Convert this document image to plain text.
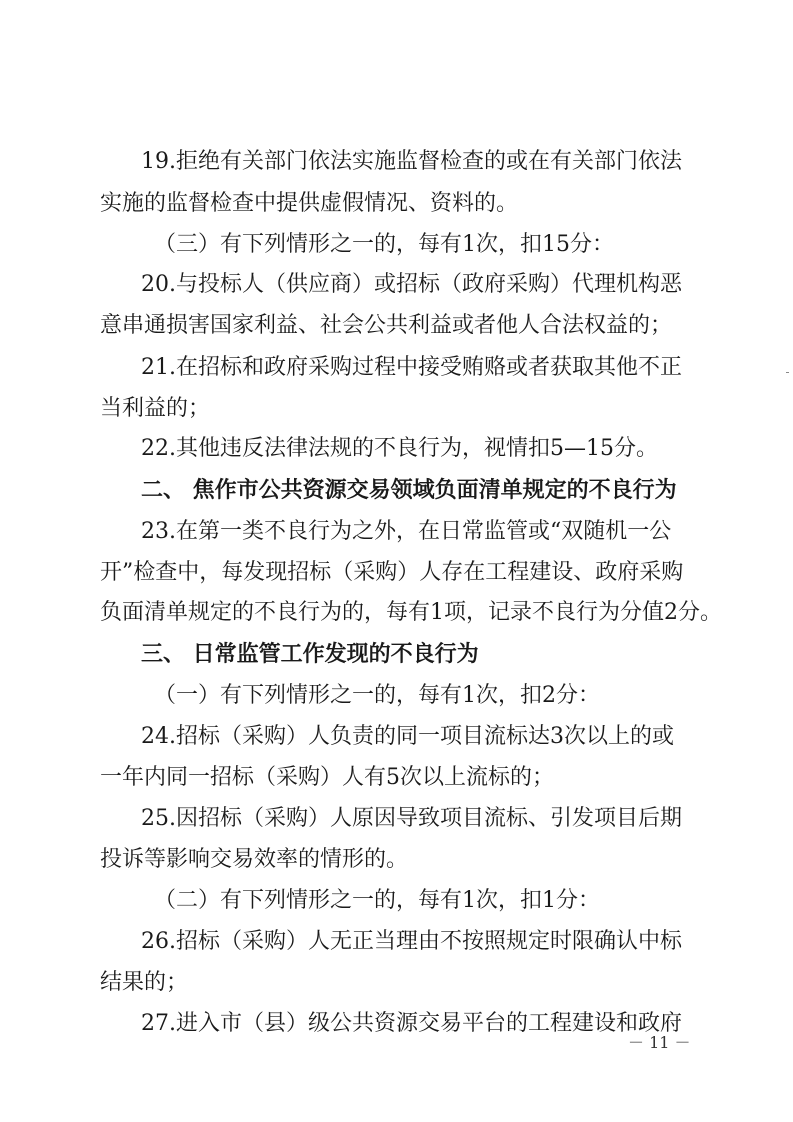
19.拒绝有关部门依法实施监督检查的或在有关部门依法
实施的监督检查中提供虚假情况、资料的。
（三）有下列情形之一的，每有1次，扣15分：
20.与投标人（供应商）或招标（政府采购）代理机构恶
意串通损害国家利益、社会公共利益或者他人合法权益的；
21.在招标和政府采购过程中接受贿赂或者获取其他不正
当利益的；
22.其他违反法律法规的不良行为，视情扣5—15分。
二、 焦作市公共资源交易领域负面清单规定的不良行为
23.在第一类不良行为之外，在日常监管或“双随机一公
开”检查中，每发现招标（采购）人存在工程建设、政府采购
负面清单规定的不良行为的，每有1项，记录不良行为分值2分。
三、 日常监管工作发现的不良行为
（一）有下列情形之一的，每有1次，扣2分：
24.招标（采购）人负责的同一项目流标达3次以上的或
一年内同一招标（采购）人有5次以上流标的；
25.因招标（采购）人原因导致项目流标、引发项目后期
投诉等影响交易效率的情形的。
（二）有下列情形之一的，每有1次，扣1分：
26.招标（采购）人无正当理由不按照规定时限确认中标
结果的；
27.进入市（县）级公共资源交易平台的工程建设和政府
－ 11 －
